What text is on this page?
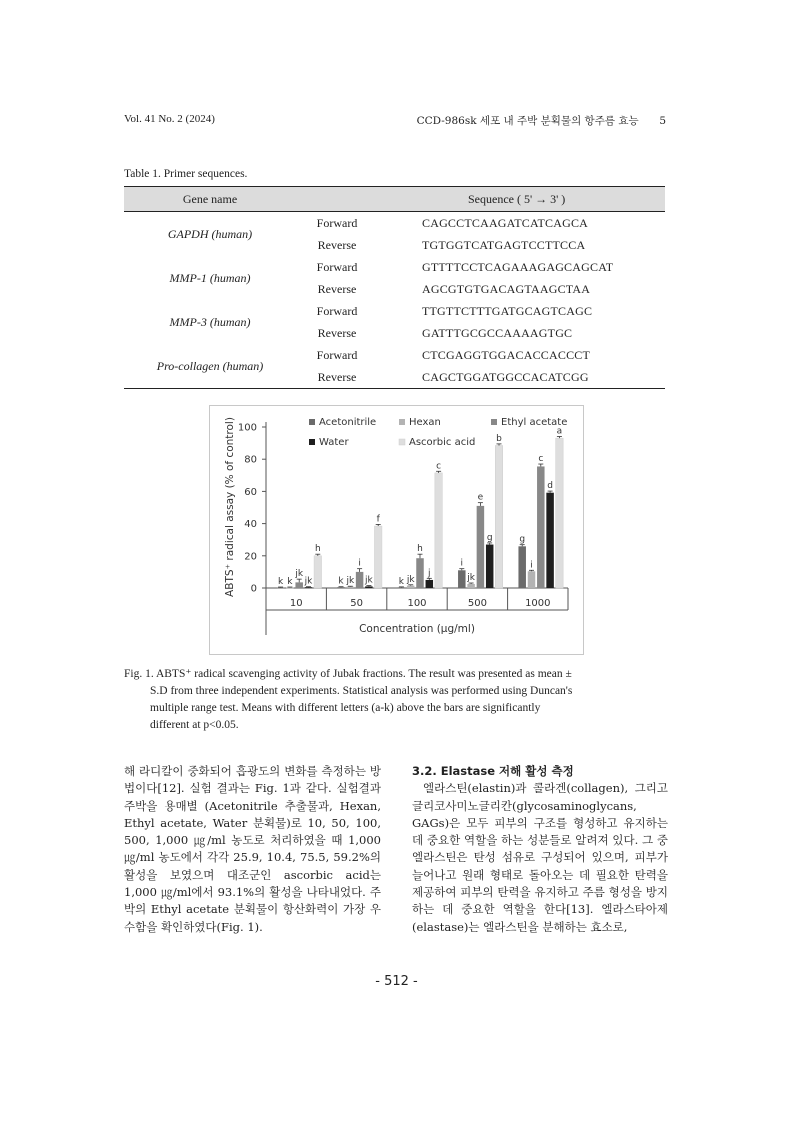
Vol. 41 No. 2 (2024)	CCD-986sk 세포 내 주박 분획물의 항주름 효능 5
Table 1. Primer sequences.
Gene name		Sequence ( 5' → 3' )
GAPDH (human)	Forward	CAGCCTCAAGATCATCAGCA
	Reverse	TGTGGTCATGAGTCCTTCCA
MMP-1 (human)	Forward	GTTTTCCTCAGAAAGAGCAGCAT
	Reverse	AGCGTGTGACAGTAAGCTAA
MMP-3 (human)	Forward	TTGTTCTTTGATGCAGTCAGC
	Reverse	GATTTGCGCCAAAAGTGC
Pro-collagen (human)	Forward	CTCGAGGTGGACACCACCCT
	Reverse	CAGCTGGATGGCCACATCGG
0
20
40
60
80
100
10	50	100	500	1000
k k
jk
jk
h
k jk
i
jk
f
k jk
h
j
c
i
jk
e
g
b
g
i
c
d
a
Acetonitrile	Hexan	Ethyl acetate
Water	Ascorbic acid
ABTS⁺ radical assay (% of control)
Concentration (μg/ml)
Fig. 1. ABTS⁺ radical scavenging activity of Jubak fractions. The result was presented as mean ±
S.D from three independent experiments. Statistical analysis was performed using Duncan's
multiple range test. Means with different letters (a-k) above the bars are significantly
different at p<0.05.
해 라디칼이 중화되어 흡광도의 변화를 측정하는 방법이다[12]. 실험 결과는 Fig. 1과 같다. 실험결과 주박을 용매별 (Acetonitrile 추출물과, Hexan, Ethyl acetate, Water 분획물)로 10, 50, 100, 500, 1,000 ㎍/ml 농도로 처리하였을 때 1,000 ㎍/ml 농도에서 각각 25.9, 10.4, 75.5, 59.2%의 활성을 보였으며 대조군인 ascorbic acid는 1,000 ㎍/ml에서 93.1%의 활성을 나타내었다. 주박의 Ethyl acetate 분획물이 항산화력이 가장 우수함을 확인하였다(Fig. 1).
3.2. Elastase 저해 활성 측정
엘라스틴(elastin)과 콜라겐(collagen), 그리고 글리코사미노글리칸(glycosaminoglycans, GAGs)은 모두 피부의 구조를 형성하고 유지하는 데 중요한 역할을 하는 성분들로 알려져 있다. 그 중 엘라스틴은 탄성 섬유로 구성되어 있으며, 피부가 늘어나고 원래 형태로 돌아오는 데 필요한 탄력을 제공하여 피부의 탄력을 유지하고 주름 형성을 방지하는 데 중요한 역할을 한다[13]. 엘라스타아제 (elastase)는 엘라스틴을 분해하는 효소로,
- 512 -
